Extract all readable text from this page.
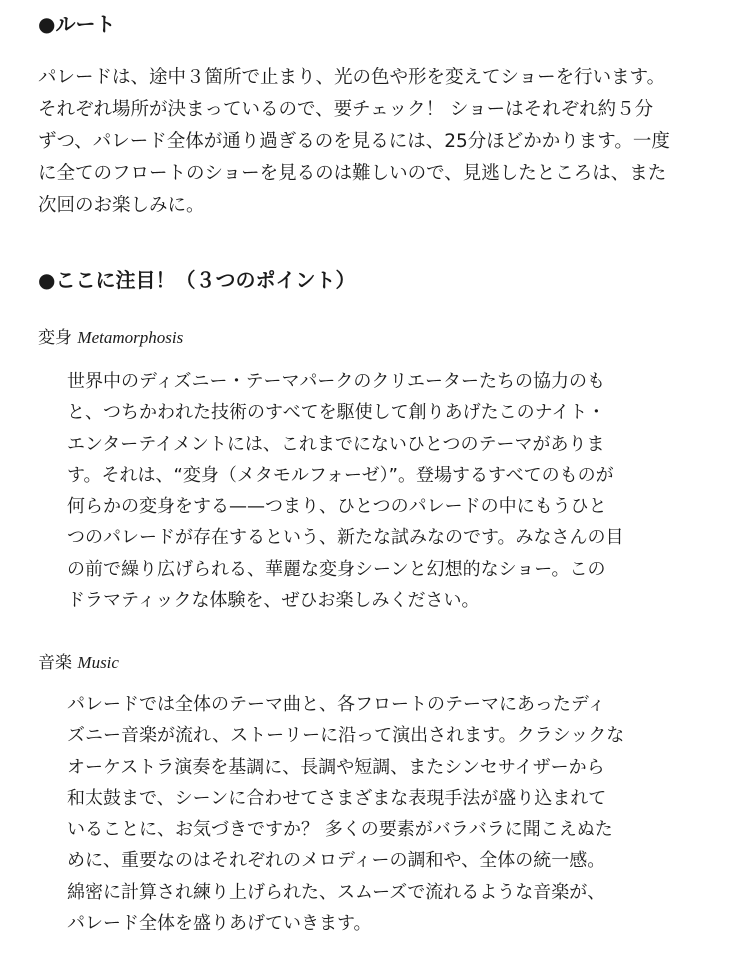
●ルート
パレードは、途中３箇所で止まり、光の色や形を変えてショーを行います。
それぞれ場所が決まっているので、要チェック！ ショーはそれぞれ約５分
ずつ、パレード全体が通り過ぎるのを見るには、25分ほどかかります。一度
に全てのフロートのショーを見るのは難しいので、見逃したところは、また
次回のお楽しみに。
●ここに注目！（３つのポイント）
変身 Metamorphosis
世界中のディズニー・テーマパークのクリエーターたちの協力のも
と、つちかわれた技術のすべてを駆使して創りあげたこのナイト・
エンターテイメントには、これまでにないひとつのテーマがありま
す。それは、“変身（メタモルフォーゼ）”。登場するすべてのものが
何らかの変身をする——つまり、ひとつのパレードの中にもうひと
つのパレードが存在するという、新たな試みなのです。みなさんの目
の前で繰り広げられる、華麗な変身シーンと幻想的なショー。この
ドラマティックな体験を、ぜひお楽しみください。
音楽 Music
パレードでは全体のテーマ曲と、各フロートのテーマにあったディ
ズニー音楽が流れ、ストーリーに沿って演出されます。クラシックな
オーケストラ演奏を基調に、長調や短調、またシンセサイザーから
和太鼓まで、シーンに合わせてさまざまな表現手法が盛り込まれて
いることに、お気づきですか？ 多くの要素がバラバラに聞こえぬた
めに、重要なのはそれぞれのメロディーの調和や、全体の統一感。
綿密に計算され練り上げられた、スムーズで流れるような音楽が、
パレード全体を盛りあげていきます。
